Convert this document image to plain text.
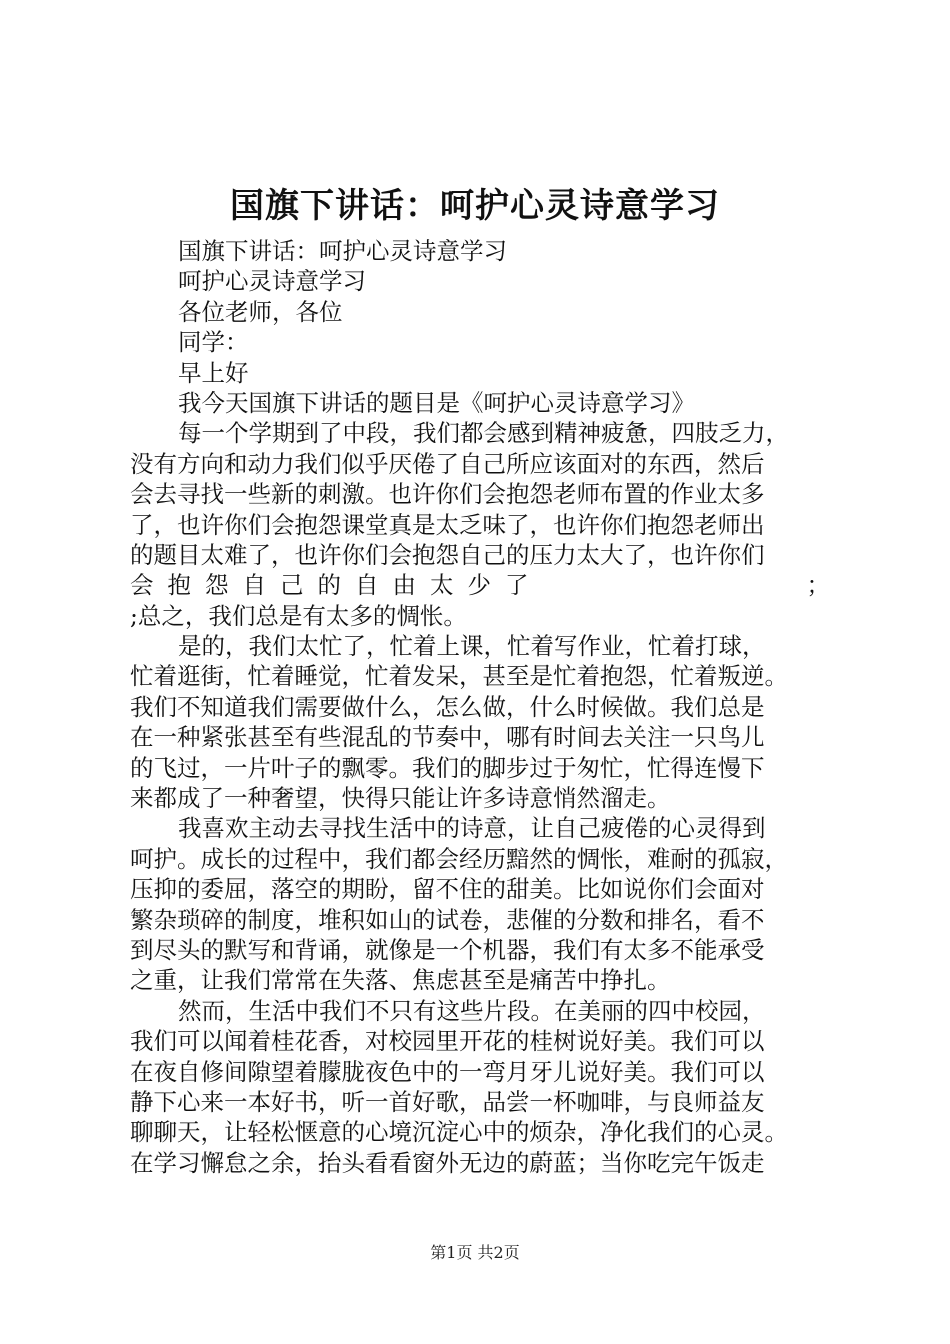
国旗下讲话：呵护心灵诗意学习
国旗下讲话：呵护心灵诗意学习
呵护心灵诗意学习
各位老师，各位
同学：
早上好
我今天国旗下讲话的题目是《呵护心灵诗意学习》
每一个学期到了中段，我们都会感到精神疲惫，四肢乏力，
没有方向和动力我们似乎厌倦了自己所应该面对的东西，然后
会去寻找一些新的刺激。也许你们会抱怨老师布置的作业太多
了，也许你们会抱怨课堂真是太乏味了，也许你们抱怨老师出
的题目太难了，也许你们会抱怨自己的压力太大了，也许你们
会抱怨自己的自由太少了	；
;总之，我们总是有太多的惆怅。
是的，我们太忙了，忙着上课，忙着写作业，忙着打球，
忙着逛街，忙着睡觉，忙着发呆，甚至是忙着抱怨，忙着叛逆。
我们不知道我们需要做什么，怎么做，什么时候做。我们总是
在一种紧张甚至有些混乱的节奏中，哪有时间去关注一只鸟儿
的飞过，一片叶子的飘零。我们的脚步过于匆忙，忙得连慢下
来都成了一种奢望，快得只能让许多诗意悄然溜走。
我喜欢主动去寻找生活中的诗意，让自己疲倦的心灵得到
呵护。成长的过程中，我们都会经历黯然的惆怅，难耐的孤寂，
压抑的委屈，落空的期盼，留不住的甜美。比如说你们会面对
繁杂琐碎的制度，堆积如山的试卷，悲催的分数和排名，看不
到尽头的默写和背诵，就像是一个机器，我们有太多不能承受
之重，让我们常常在失落、焦虑甚至是痛苦中挣扎。
然而，生活中我们不只有这些片段。在美丽的四中校园，
我们可以闻着桂花香，对校园里开花的桂树说好美。我们可以
在夜自修间隙望着朦胧夜色中的一弯月牙儿说好美。我们可以
静下心来一本好书，听一首好歌，品尝一杯咖啡，与良师益友
聊聊天，让轻松惬意的心境沉淀心中的烦杂，净化我们的心灵。
在学习懈怠之余，抬头看看窗外无边的蔚蓝；当你吃完午饭走
第1页 共2页
